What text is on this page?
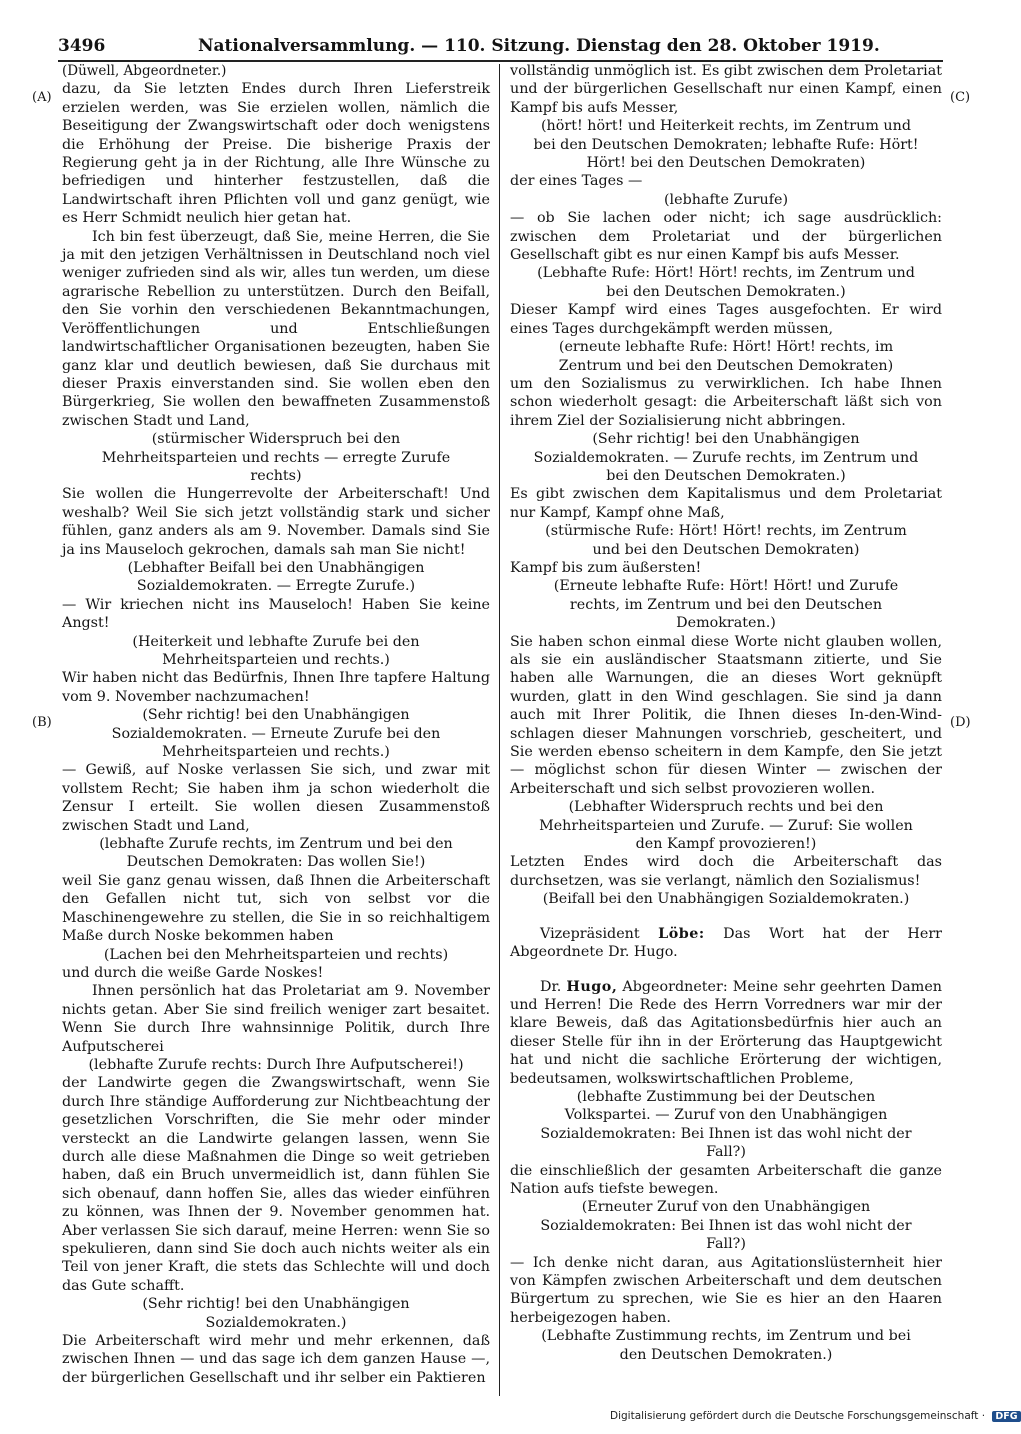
3496	Nationalversammlung. — 110. Sitzung. Dienstag den 28. Oktober 1919.
(A)
(B)
(C)
(D)

(Düwell, Abgeordneter.)

dazu, da Sie letzten Endes durch Ihren Lieferstreik erzielen werden, was Sie erzielen wollen, nämlich die Beseitigung der Zwangswirtschaft oder doch wenigstens die Erhöhung der Preise. Die bisherige Praxis der Regierung geht ja in der Richtung, alle Ihre Wünsche zu befriedigen und hinterher festzustellen, daß die Landwirtschaft ihren Pflichten voll und ganz genügt, wie es Herr Schmidt neulich hier getan hat.

Ich bin fest überzeugt, daß Sie, meine Herren, die Sie ja mit den jetzigen Verhältnissen in Deutschland noch viel weniger zufrieden sind als wir, alles tun werden, um diese agrarische Rebellion zu unterstützen. Durch den Beifall, den Sie vorhin den verschiedenen Bekanntmachungen, Veröffentlichungen und Entschließungen landwirtschaftlicher Organisationen bezeugten, haben Sie ganz klar und deutlich bewiesen, daß Sie durchaus mit dieser Praxis einverstanden sind. Sie wollen eben den Bürgerkrieg, Sie wollen den bewaffneten Zusammenstoß zwischen Stadt und Land,

(stürmischer Widerspruch bei den Mehrheitsparteien und rechts — erregte Zurufe rechts)

Sie wollen die Hungerrevolte der Arbeiterschaft! Und weshalb? Weil Sie sich jetzt vollständig stark und sicher fühlen, ganz anders als am 9. November. Damals sind Sie ja ins Mauseloch gekrochen, damals sah man Sie nicht!

(Lebhafter Beifall bei den Unabhängigen Sozialdemokraten. — Erregte Zurufe.)

— Wir kriechen nicht ins Mauseloch! Haben Sie keine Angst!

(Heiterkeit und lebhafte Zurufe bei den Mehrheitsparteien und rechts.)

Wir haben nicht das Bedürfnis, Ihnen Ihre tapfere Haltung vom 9. November nachzumachen!

(Sehr richtig! bei den Unabhängigen Sozialdemokraten. — Erneute Zurufe bei den Mehrheitsparteien und rechts.)

— Gewiß, auf Noske verlassen Sie sich, und zwar mit vollstem Recht; Sie haben ihm ja schon wiederholt die Zensur I erteilt. Sie wollen diesen Zusammenstoß zwischen Stadt und Land,

(lebhafte Zurufe rechts, im Zentrum und bei den Deutschen Demokraten: Das wollen Sie!)

weil Sie ganz genau wissen, daß Ihnen die Arbeiterschaft den Gefallen nicht tut, sich von selbst vor die Maschinengewehre zu stellen, die Sie in so reichhaltigem Maße durch Noske bekommen haben

(Lachen bei den Mehrheitsparteien und rechts)

und durch die weiße Garde Noskes!

Ihnen persönlich hat das Proletariat am 9. November nichts getan. Aber Sie sind freilich weniger zart besaitet. Wenn Sie durch Ihre wahnsinnige Politik, durch Ihre Aufputscherei

(lebhafte Zurufe rechts: Durch Ihre Aufputscherei!)

der Landwirte gegen die Zwangswirtschaft, wenn Sie durch Ihre ständige Aufforderung zur Nichtbeachtung der gesetzlichen Vorschriften, die Sie mehr oder minder versteckt an die Landwirte gelangen lassen, wenn Sie durch alle diese Maßnahmen die Dinge so weit getrieben haben, daß ein Bruch unvermeidlich ist, dann fühlen Sie sich obenauf, dann hoffen Sie, alles das wieder einführen zu können, was Ihnen der 9. November genommen hat. Aber verlassen Sie sich darauf, meine Herren: wenn Sie so spekulieren, dann sind Sie doch auch nichts weiter als ein Teil von jener Kraft, die stets das Schlechte will und doch das Gute schafft.

(Sehr richtig! bei den Unabhängigen Sozialdemokraten.)

Die Arbeiterschaft wird mehr und mehr erkennen, daß zwischen Ihnen — und das sage ich dem ganzen Hause —, der bürgerlichen Gesellschaft und ihr selber ein Paktieren

vollständig unmöglich ist. Es gibt zwischen dem Proletariat und der bürgerlichen Gesellschaft nur einen Kampf, einen Kampf bis aufs Messer,

(hört! hört! und Heiterkeit rechts, im Zentrum und bei den Deutschen Demokraten; lebhafte Rufe: Hört! Hört! bei den Deutschen Demokraten)

der eines Tages —

(lebhafte Zurufe)

— ob Sie lachen oder nicht; ich sage ausdrücklich: zwischen dem Proletariat und der bürgerlichen Gesellschaft gibt es nur einen Kampf bis aufs Messer.

(Lebhafte Rufe: Hört! Hört! rechts, im Zentrum und bei den Deutschen Demokraten.)

Dieser Kampf wird eines Tages ausgefochten. Er wird eines Tages durchgekämpft werden müssen,

(erneute lebhafte Rufe: Hört! Hört! rechts, im Zentrum und bei den Deutschen Demokraten)

um den Sozialismus zu verwirklichen. Ich habe Ihnen schon wiederholt gesagt: die Arbeiterschaft läßt sich von ihrem Ziel der Sozialisierung nicht abbringen.

(Sehr richtig! bei den Unabhängigen Sozialdemokraten. — Zurufe rechts, im Zentrum und bei den Deutschen Demokraten.)

Es gibt zwischen dem Kapitalismus und dem Proletariat nur Kampf, Kampf ohne Maß,

(stürmische Rufe: Hört! Hört! rechts, im Zentrum und bei den Deutschen Demokraten)

Kampf bis zum äußersten!

(Erneute lebhafte Rufe: Hört! Hört! und Zurufe rechts, im Zentrum und bei den Deutschen Demokraten.)

Sie haben schon einmal diese Worte nicht glauben wollen, als sie ein ausländischer Staatsmann zitierte, und Sie haben alle Warnungen, die an dieses Wort geknüpft wurden, glatt in den Wind geschlagen. Sie sind ja dann auch mit Ihrer Politik, die Ihnen dieses In-den-Wind-schlagen dieser Mahnungen vorschrieb, gescheitert, und Sie werden ebenso scheitern in dem Kampfe, den Sie jetzt — möglichst schon für diesen Winter — zwischen der Arbeiterschaft und sich selbst provozieren wollen.

(Lebhafter Widerspruch rechts und bei den Mehrheitsparteien und Zurufe. — Zuruf: Sie wollen den Kampf provozieren!)

Letzten Endes wird doch die Arbeiterschaft das durchsetzen, was sie verlangt, nämlich den Sozialismus!

(Beifall bei den Unabhängigen Sozialdemokraten.)

Vizepräsident Löbe: Das Wort hat der Herr Abgeordnete Dr. Hugo.

Dr. Hugo, Abgeordneter: Meine sehr geehrten Damen und Herren! Die Rede des Herrn Vorredners war mir der klare Beweis, daß das Agitationsbedürfnis hier auch an dieser Stelle für ihn in der Erörterung das Hauptgewicht hat und nicht die sachliche Erörterung der wichtigen, bedeutsamen, wolkswirtschaftlichen Probleme,

(lebhafte Zustimmung bei der Deutschen Volkspartei. — Zuruf von den Unabhängigen Sozialdemokraten: Bei Ihnen ist das wohl nicht der Fall?)

die einschließlich der gesamten Arbeiterschaft die ganze Nation aufs tiefste bewegen.

(Erneuter Zuruf von den Unabhängigen Sozialdemokraten: Bei Ihnen ist das wohl nicht der Fall?)

— Ich denke nicht daran, aus Agitationslüsternheit hier von Kämpfen zwischen Arbeiterschaft und dem deutschen Bürgertum zu sprechen, wie Sie es hier an den Haaren herbeigezogen haben.

(Lebhafte Zustimmung rechts, im Zentrum und bei den Deutschen Demokraten.)

Digitalisierung gefördert durch die Deutsche Forschungsgemeinschaft · DFG
